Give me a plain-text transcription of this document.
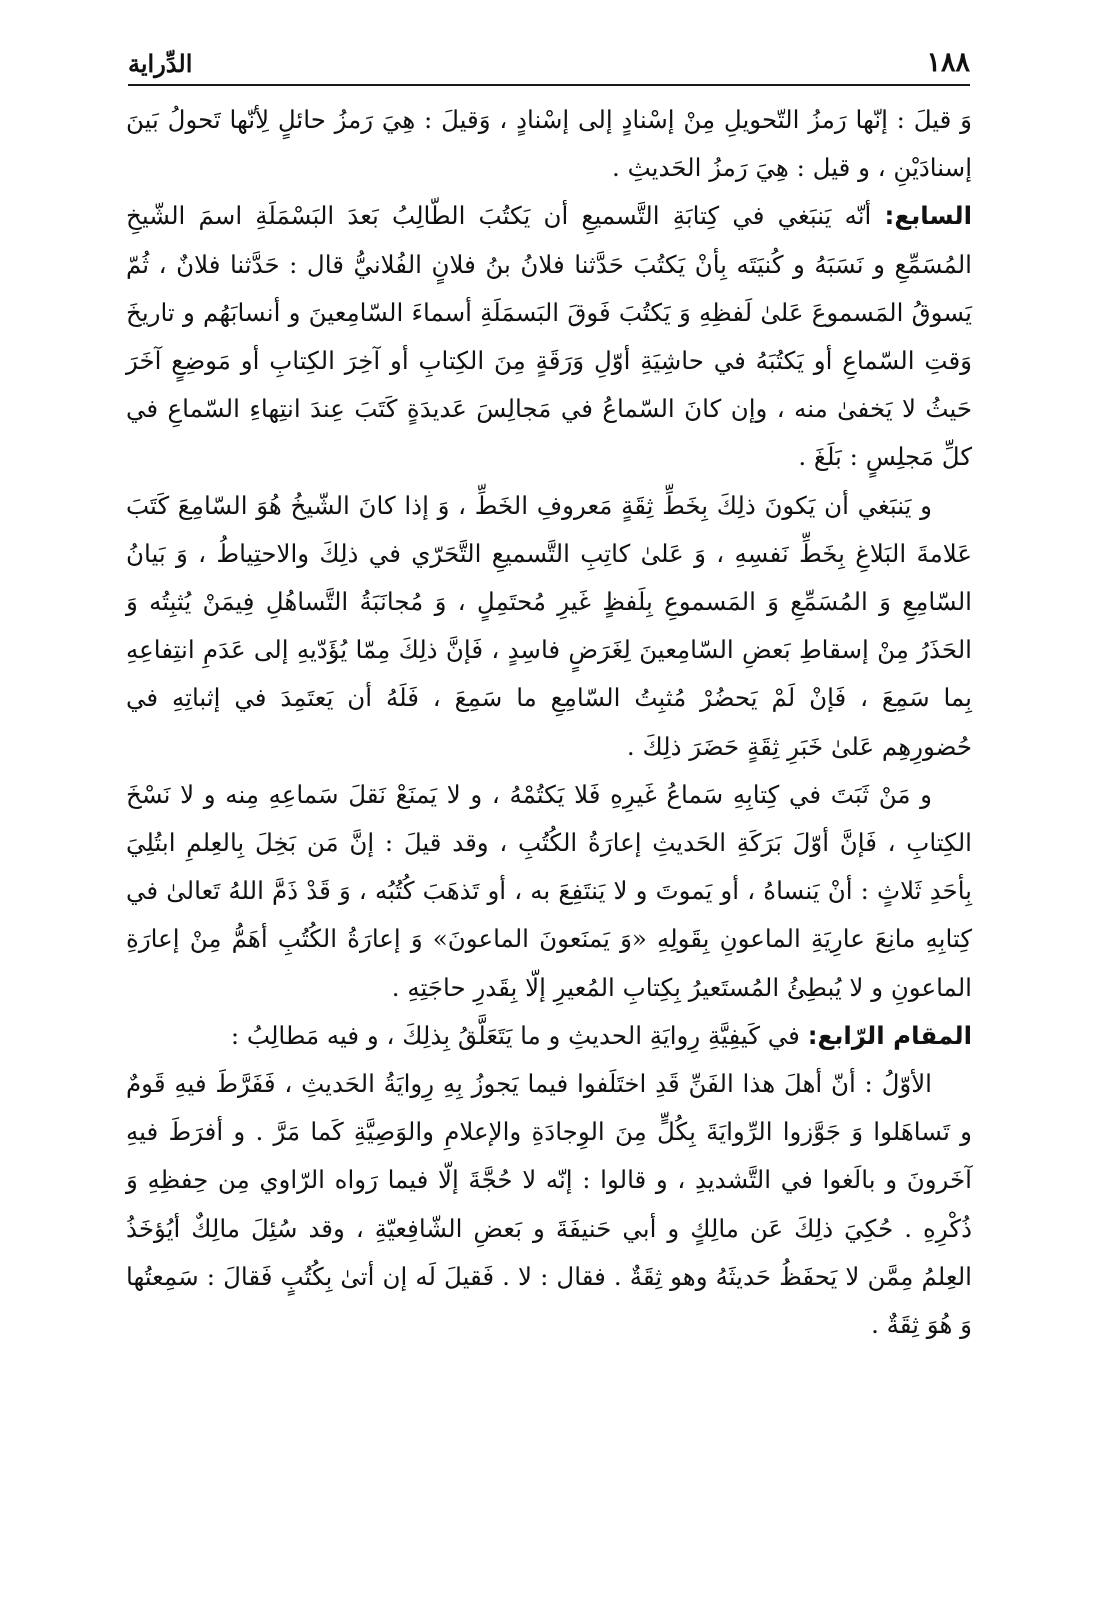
١٨٨
الدِّراية

وَ قيلَ : إنّها رَمزُ التّحويلِ مِنْ إسْنادٍ إلى إسْنادٍ ، وَقيلَ : هِيَ رَمزُ حائلٍ لِأنّها تَحولُ بَينَ إسنادَيْنِ ، و قيل : هِيَ رَمزُ الحَديثِ .

السابع: أنّه يَنبَغي في كِتابَةِ التَّسميعِ أن يَكتُبَ الطّالِبُ بَعدَ البَسْمَلَةِ اسمَ الشّيخِ المُسَمِّعِ و نَسَبَهُ و كُنيَتَه بِأنْ يَكتُبَ حَدَّثنا فلانُ بنُ فلانٍ الفُلانيُّ قال : حَدَّثنا فلانٌ ، ثُمّ يَسوقُ المَسموعَ عَلىٰ لَفظِهِ وَ يَكتُبَ فَوقَ البَسمَلَةِ أسماءَ السّامِعينَ و أنسابَهُم و تاريخَ وَقتِ السّماعِ أو يَكتُبَهُ في حاشِيَةِ أوّلِ وَرَقَةٍ مِنَ الكِتابِ أو آخِرَ الكِتابِ أو مَوضِعٍ آخَرَ حَيثُ لا يَخفىٰ منه ، وإن كانَ السّماعُ في مَجالِسَ عَديدَةٍ كَتَبَ عِندَ انتِهاءِ السّماعِ في كلِّ مَجلِسٍ : بَلَغَ .

و يَنبَغي أن يَكونَ ذلِكَ بِخَطِّ ثِقَةٍ مَعروفِ الخَطِّ ، وَ إذا كانَ الشّيخُ هُوَ السّامِعَ كَتَبَ عَلامةَ البَلاغِ بِخَطِّ نَفسِهِ ، وَ عَلىٰ كاتِبِ التَّسميعِ التَّحَرّي في ذلِكَ والاحتِياطُ ، وَ بَيانُ السّامِعِ وَ المُسَمِّعِ وَ المَسموعِ بِلَفظٍ غَيرِ مُحتَمِلٍ ، وَ مُجانَبَةُ التَّساهُلِ فِيمَنْ يُثبِتُه وَ الحَذَرُ مِنْ إسقاطِ بَعضِ السّامِعينَ لِغَرَضٍ فاسِدٍ ، فَإنَّ ذلِكَ مِمّا يُؤَدّيهِ إلى عَدَمِ انتِفاعِهِ بِما سَمِعَ ، فَإنْ لَمْ يَحضُرْ مُثبِتُ السّامِعِ ما سَمِعَ ، فَلَهُ أن يَعتَمِدَ في إثباتِهِ في حُضورِهِم عَلىٰ خَبَرِ ثِقَةٍ حَضَرَ ذلِكَ .

و مَنْ ثَبَتَ في كِتابِهِ سَماعُ غَيرِهِ فَلا يَكتُمْهُ ، و لا يَمنَعْ نَقلَ سَماعِهِ مِنه و لا نَسْخَ الكِتابِ ، فَإنَّ أوّلَ بَرَكَةِ الحَديثِ إعارَةُ الكُتُبِ ، وقد قيلَ : إنَّ مَن بَخِلَ بِالعِلمِ ابتُلِيَ بِأحَدِ ثَلاثٍ : أنْ يَنساهُ ، أو يَموتَ و لا يَنتَفِعَ به ، أو تَذهَبَ كُتُبُه ، وَ قَدْ ذَمَّ اللهُ تَعالىٰ في كِتابِهِ مانِعَ عارِيَةِ الماعونِ بِقَولِهِ «وَ يَمنَعونَ الماعونَ» وَ إعارَةُ الكُتُبِ أهَمُّ مِنْ إعارَةِ الماعونِ و لا يُبطِئُ المُستَعيرُ بِكِتابِ المُعيرِ إلّا بِقَدرِ حاجَتِهِ .

المقام الرّابع: في كَيفِيَّةِ رِوايَةِ الحديثِ و ما يَتَعَلَّقُ بِذلِكَ ، و فيه مَطالِبُ :

الأوّلُ : أنّ أهلَ هذا الفَنِّ قَدِ اختَلَفوا فيما يَجوزُ بِهِ رِوايَةُ الحَديثِ ، فَفَرَّطَ فيهِ قَومٌ و تَساهَلوا وَ جَوَّزوا الرِّوايَةَ بِكُلٍّ مِنَ الوِجادَةِ والإعلامِ والوَصِيَّةِ كَما مَرَّ . و أفرَطَ فيهِ آخَرونَ و بالَغوا في التَّشديدِ ، و قالوا : إنّه لا حُجَّةَ إلّا فيما رَواه الرّاوي مِن حِفظِهِ وَ ذُكْرِهِ . حُكِيَ ذلِكَ عَن مالِكٍ و أبي حَنيفَةَ و بَعضِ الشّافِعيّةِ ، وقد سُئِلَ مالِكٌ أيُؤخَذُ العِلمُ مِمَّن لا يَحفَظُ حَديثَهُ وهو ثِقَةٌ . فقال : لا . فَقيلَ لَه إن أتىٰ بِكُتُبٍ فَقالَ : سَمِعتُها وَ هُوَ ثِقَةٌ .
